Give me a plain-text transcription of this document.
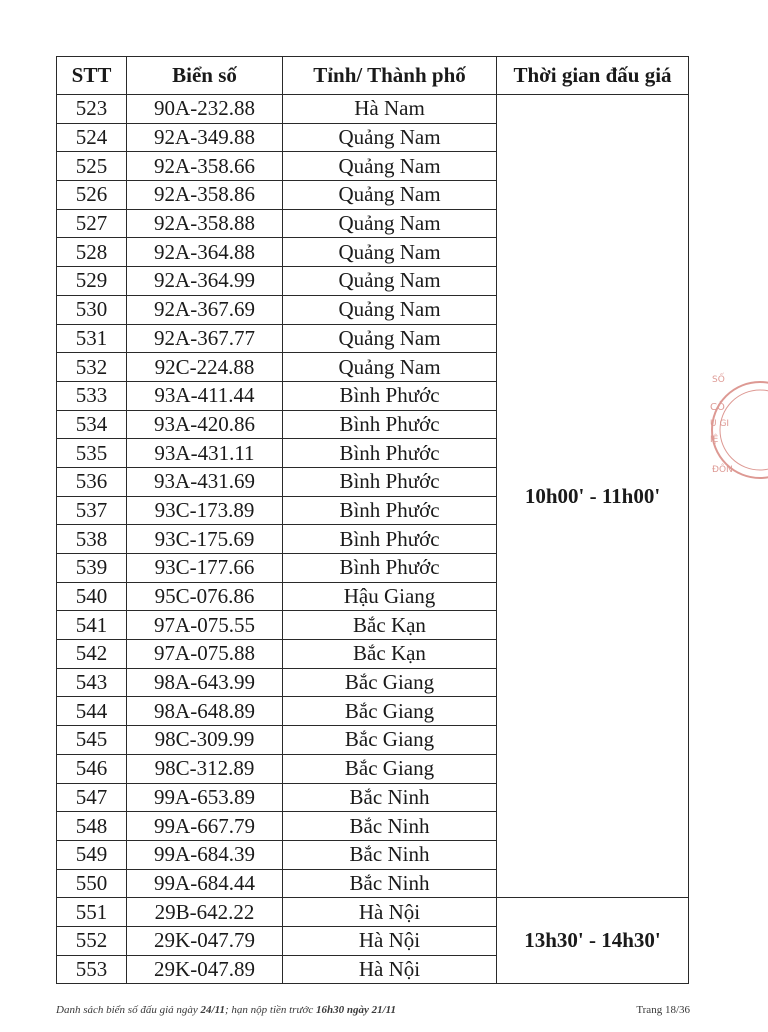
STT	Biển số	Tỉnh/ Thành phố	Thời gian đấu giá
523	90A-232.88	Hà Nam	10h00' - 11h00'
524	92A-349.88	Quảng Nam	
525	92A-358.66	Quảng Nam	
526	92A-358.86	Quảng Nam	
527	92A-358.88	Quảng Nam	
528	92A-364.88	Quảng Nam	
529	92A-364.99	Quảng Nam	
530	92A-367.69	Quảng Nam	
531	92A-367.77	Quảng Nam	
532	92C-224.88	Quảng Nam	
533	93A-411.44	Bình Phước	
534	93A-420.86	Bình Phước	
535	93A-431.11	Bình Phước	
536	93A-431.69	Bình Phước	
537	93C-173.89	Bình Phước	
538	93C-175.69	Bình Phước	
539	93C-177.66	Bình Phước	
540	95C-076.86	Hậu Giang	
541	97A-075.55	Bắc Kạn	
542	97A-075.88	Bắc Kạn	
543	98A-643.99	Bắc Giang	
544	98A-648.89	Bắc Giang	
545	98C-309.99	Bắc Giang	
546	98C-312.89	Bắc Giang	
547	99A-653.89	Bắc Ninh	
548	99A-667.79	Bắc Ninh	
549	99A-684.39	Bắc Ninh	
550	99A-684.44	Bắc Ninh	
551	29B-642.22	Hà Nội	13h30' - 14h30'
552	29K-047.79	Hà Nội	
553	29K-047.89	Hà Nội	
Danh sách biển số đấu giá ngày 24/11; hạn nộp tiền trước 16h30 ngày 21/11	Trang 18/36
SỐ
CÔ
U GI
IỆ
ĐÔN
